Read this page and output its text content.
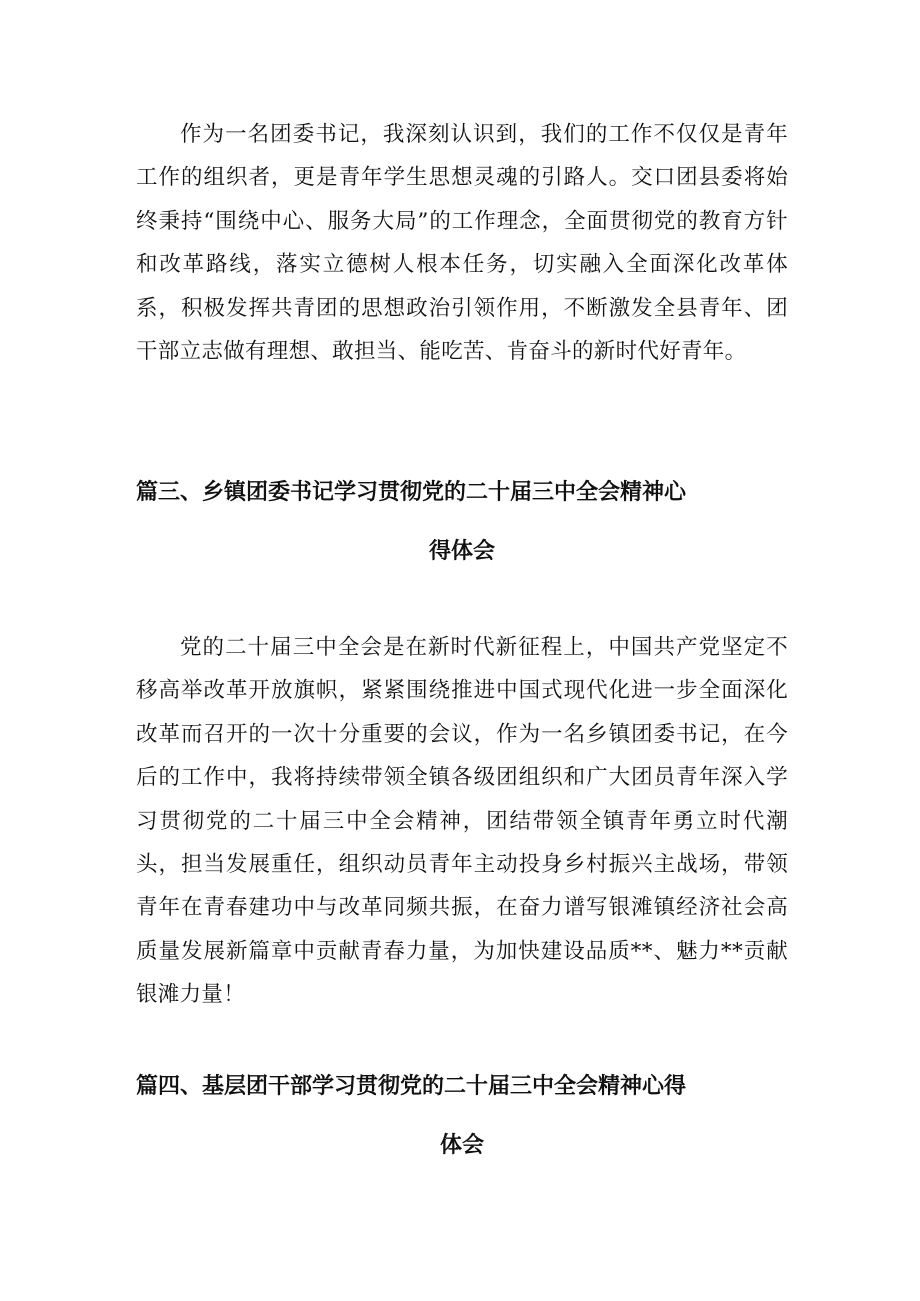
作为一名团委书记，我深刻认识到，我们的工作不仅仅是青年工作的组织者，更是青年学生思想灵魂的引路人。交口团县委将始终秉持“围绕中心、服务大局”的工作理念，全面贯彻党的教育方针和改革路线，落实立德树人根本任务，切实融入全面深化改革体系，积极发挥共青团的思想政治引领作用，不断激发全县青年、团干部立志做有理想、敢担当、能吃苦、肯奋斗的新时代好青年。

篇三、乡镇团委书记学习贯彻党的二十届三中全会精神心
得体会

党的二十届三中全会是在新时代新征程上，中国共产党坚定不移高举改革开放旗帜，紧紧围绕推进中国式现代化进一步全面深化改革而召开的一次十分重要的会议，作为一名乡镇团委书记，在今后的工作中，我将持续带领全镇各级团组织和广大团员青年深入学习贯彻党的二十届三中全会精神，团结带领全镇青年勇立时代潮头，担当发展重任，组织动员青年主动投身乡村振兴主战场，带领青年在青春建功中与改革同频共振，在奋力谱写银滩镇经济社会高质量发展新篇章中贡献青春力量，为加快建设品质**、魅力**贡献银滩力量！

篇四、基层团干部学习贯彻党的二十届三中全会精神心得
体会
